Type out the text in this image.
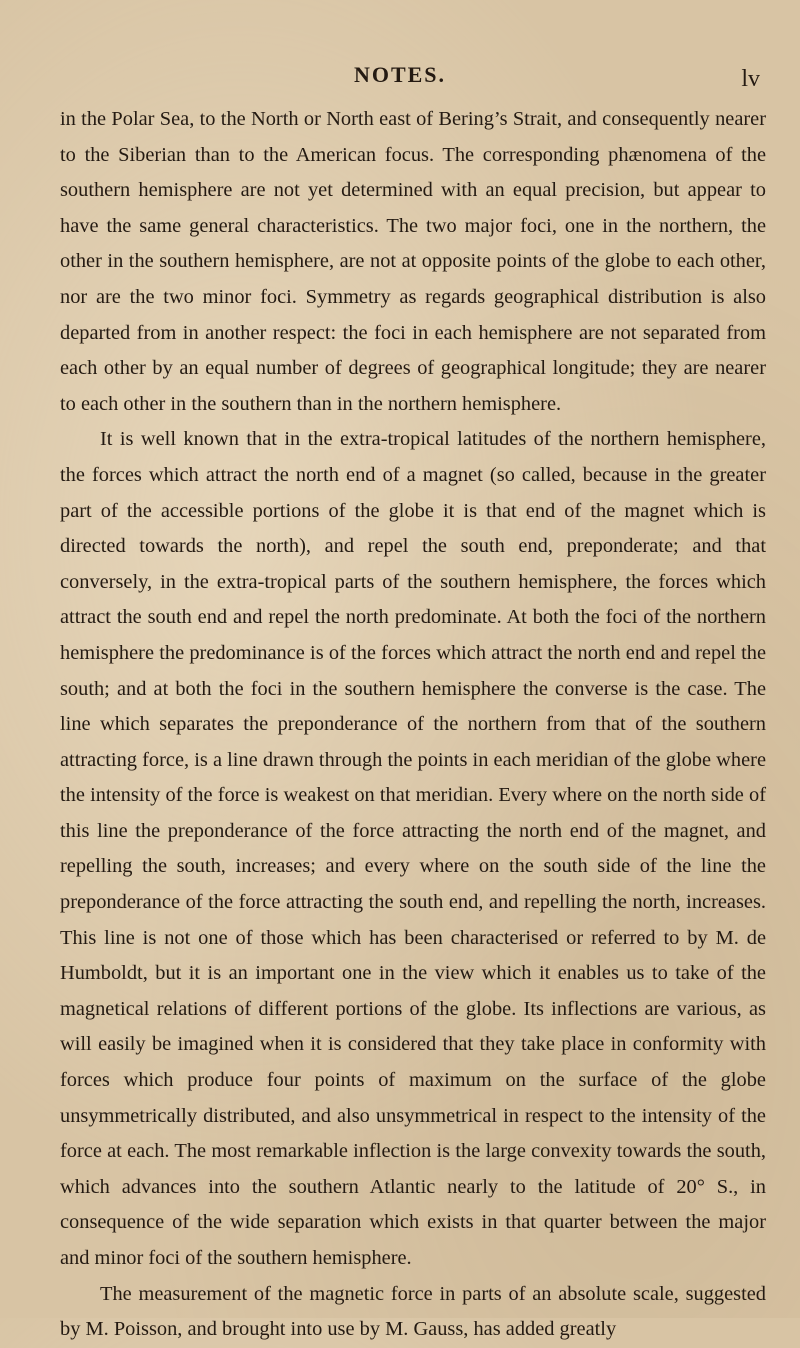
NOTES.	lv

in the Polar Sea, to the North or North east of Bering’s Strait, and consequently nearer to the Siberian than to the American focus. The corresponding phænomena of the southern hemisphere are not yet determined with an equal precision, but appear to have the same general characteristics. The two major foci, one in the northern, the other in the southern hemisphere, are not at opposite points of the globe to each other, nor are the two minor foci. Symmetry as regards geographical distribution is also departed from in another respect: the foci in each hemisphere are not separated from each other by an equal number of degrees of geographical longitude; they are nearer to each other in the southern than in the northern hemisphere.

It is well known that in the extra-tropical latitudes of the northern hemisphere, the forces which attract the north end of a magnet (so called, because in the greater part of the accessible portions of the globe it is that end of the magnet which is directed towards the north), and repel the south end, preponderate; and that conversely, in the extra-tropical parts of the southern hemisphere, the forces which attract the south end and repel the north predominate. At both the foci of the northern hemisphere the predominance is of the forces which attract the north end and repel the south; and at both the foci in the southern hemisphere the converse is the case. The line which separates the preponderance of the northern from that of the southern attracting force, is a line drawn through the points in each meridian of the globe where the intensity of the force is weakest on that meridian. Every where on the north side of this line the preponderance of the force attracting the north end of the magnet, and repelling the south, increases; and every where on the south side of the line the preponderance of the force attracting the south end, and repelling the north, increases. This line is not one of those which has been characterised or referred to by M. de Humboldt, but it is an important one in the view which it enables us to take of the magnetical relations of different portions of the globe. Its inflections are various, as will easily be imagined when it is considered that they take place in conformity with forces which produce four points of maximum on the surface of the globe unsymmetrically distributed, and also unsymmetrical in respect to the intensity of the force at each. The most remarkable inflection is the large convexity towards the south, which advances into the southern Atlantic nearly to the latitude of 20° S., in consequence of the wide separation which exists in that quarter between the major and minor foci of the southern hemisphere.

The measurement of the magnetic force in parts of an absolute scale, suggested by M. Poisson, and brought into use by M. Gauss, has added greatly
